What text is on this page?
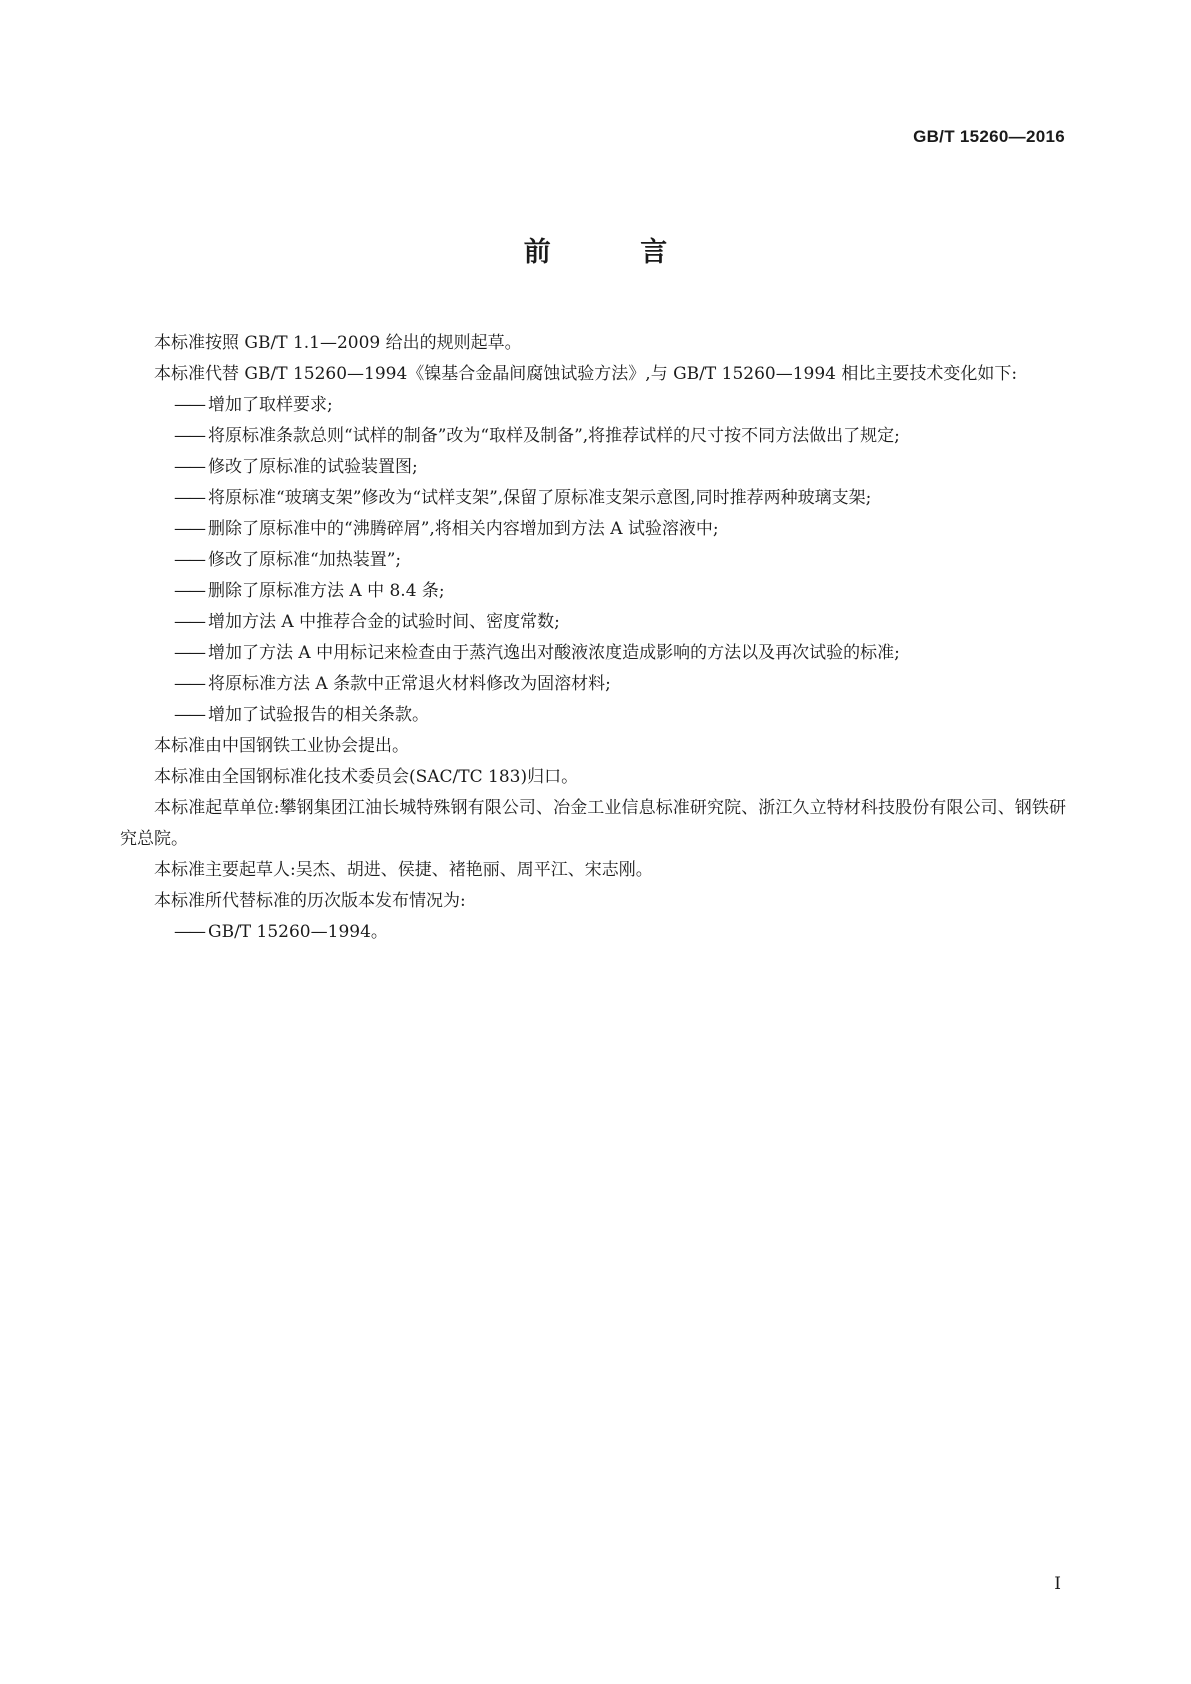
GB/T 15260—2016
前 言

本标准按照 GB/T 1.1—2009 给出的规则起草。

本标准代替 GB/T 15260—1994《镍基合金晶间腐蚀试验方法》,与 GB/T 15260—1994 相比主要技术变化如下:

—— 增加了取样要求;

—— 将原标准条款总则“试样的制备”改为“取样及制备”,将推荐试样的尺寸按不同方法做出了规定;

—— 修改了原标准的试验装置图;

—— 将原标准“玻璃支架”修改为“试样支架”,保留了原标准支架示意图,同时推荐两种玻璃支架;

—— 删除了原标准中的“沸腾碎屑”,将相关内容增加到方法 A 试验溶液中;

—— 修改了原标准“加热装置”;

—— 删除了原标准方法 A 中 8.4 条;

—— 增加方法 A 中推荐合金的试验时间、密度常数;

—— 增加了方法 A 中用标记来检查由于蒸汽逸出对酸液浓度造成影响的方法以及再次试验的标准;

—— 将原标准方法 A 条款中正常退火材料修改为固溶材料;

—— 增加了试验报告的相关条款。

本标准由中国钢铁工业协会提出。

本标准由全国钢标准化技术委员会(SAC/TC 183)归口。

本标准起草单位:攀钢集团江油长城特殊钢有限公司、冶金工业信息标准研究院、浙江久立特材科技股份有限公司、钢铁研究总院。

本标准主要起草人:吴杰、胡进、侯捷、褚艳丽、周平江、宋志刚。

本标准所代替标准的历次版本发布情况为:

—— GB/T 15260—1994。

I
